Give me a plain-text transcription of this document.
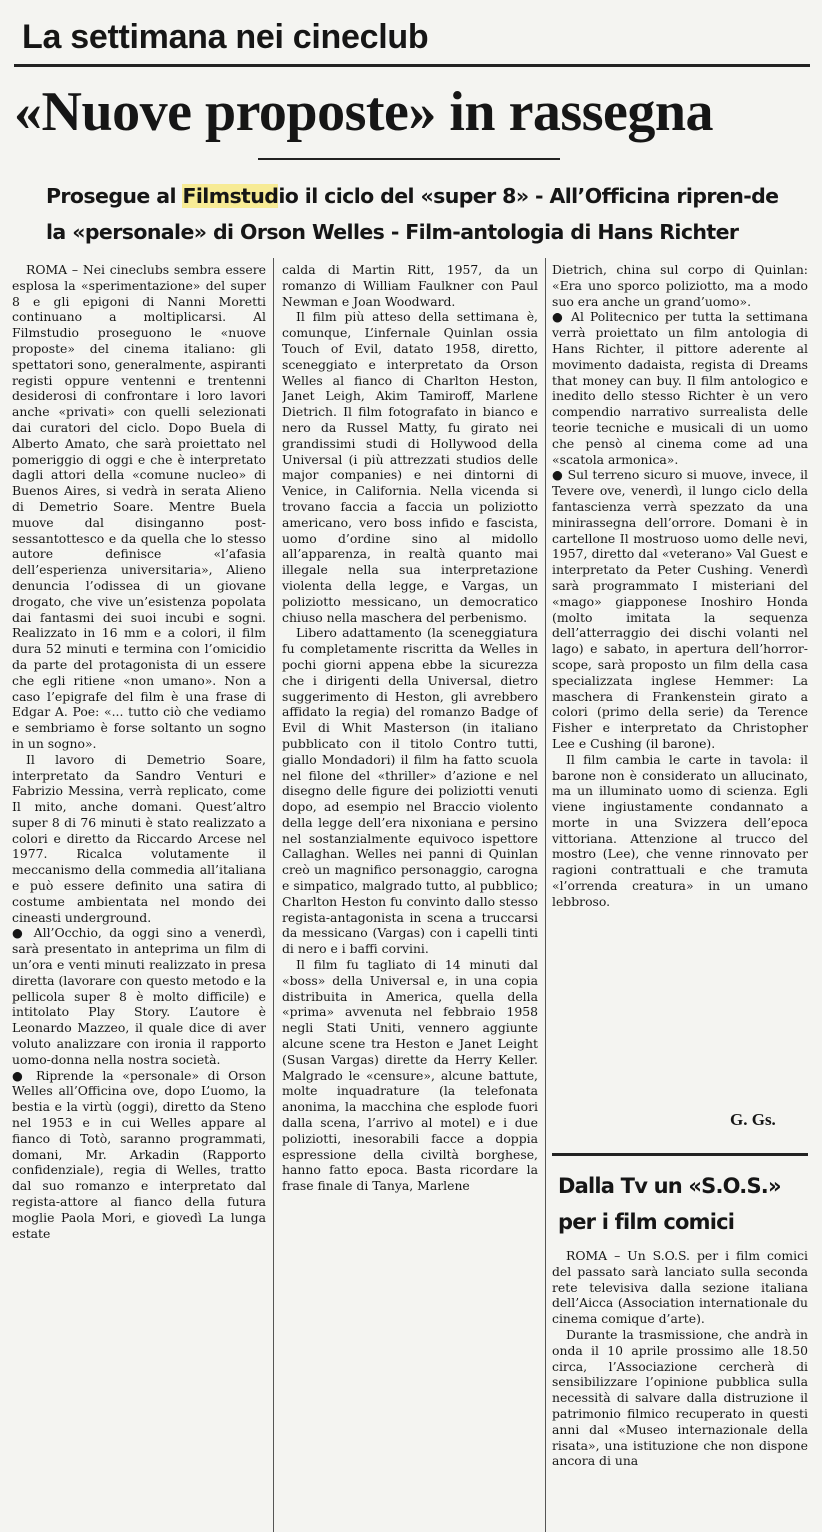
La settimana nei cineclub
«Nuove proposte» in rassegna
Prosegue al Filmstudio il ciclo del «super 8» - All’Officina ripren-de la «personale» di Orson Welles - Film-antologia di Hans Richter

ROMA – Nei cineclubs sembra essere esplosa la «sperimentazione» del super 8 e gli epigoni di Nanni Moretti continuano a moltiplicarsi. Al Filmstudio proseguono le «nuove proposte» del cinema italiano: gli spettatori sono, generalmente, aspiranti registi oppure ventenni e trentenni desiderosi di confrontare i loro lavori anche «privati» con quelli selezionati dai curatori del ciclo. Dopo Buela di Alberto Amato, che sarà proiettato nel pomeriggio di oggi e che è interpretato dagli attori della «comune nucleo» di Buenos Aires, si vedrà in serata Alieno di Demetrio Soare. Mentre Buela muove dal disinganno post-sessantottesco e da quella che lo stesso autore definisce «l’afasia dell’esperienza universitaria», Alieno denuncia l’odissea di un giovane drogato, che vive un’esistenza popolata dai fantasmi dei suoi incubi e sogni. Realizzato in 16 mm e a colori, il film dura 52 minuti e termina con l’omicidio da parte del protagonista di un essere che egli ritiene «non umano». Non a caso l’epigrafe del film è una frase di Edgar A. Poe: «... tutto ciò che vediamo e sembriamo è forse soltanto un sogno in un sogno».

Il lavoro di Demetrio Soare, interpretato da Sandro Venturi e Fabrizio Messina, verrà replicato, come Il mito, anche domani. Quest’altro super 8 di 76 minuti è stato realizzato a colori e diretto da Riccardo Arcese nel 1977. Ricalca volutamente il meccanismo della commedia all’italiana e può essere definito una satira di costume ambientata nel mondo dei cineasti underground.

● All’Occhio, da oggi sino a venerdì, sarà presentato in anteprima un film di un’ora e venti minuti realizzato in presa diretta (lavorare con questo metodo e la pellicola super 8 è molto difficile) e intitolato Play Story. L’autore è Leonardo Mazzeo, il quale dice di aver voluto analizzare con ironia il rapporto uomo-donna nella nostra società.

● Riprende la «personale» di Orson Welles all’Officina ove, dopo L’uomo, la bestia e la virtù (oggi), diretto da Steno nel 1953 e in cui Welles appare al fianco di Totò, saranno programmati, domani, Mr. Arkadin (Rapporto confidenziale), regia di Welles, tratto dal suo romanzo e interpretato dal regista-attore al fianco della futura moglie Paola Mori, e giovedì La lunga estate

calda di Martin Ritt, 1957, da un romanzo di William Faulkner con Paul Newman e Joan Woodward.

Il film più atteso della settimana è, comunque, L’infernale Quinlan ossia Touch of Evil, datato 1958, diretto, sceneggiato e interpretato da Orson Welles al fianco di Charlton Heston, Janet Leigh, Akim Tamiroff, Marlene Dietrich. Il film fotografato in bianco e nero da Russel Matty, fu girato nei grandissimi studi di Hollywood della Universal (i più attrezzati studios delle major companies) e nei dintorni di Venice, in California. Nella vicenda si trovano faccia a faccia un poliziotto americano, vero boss infido e fascista, uomo d’ordine sino al midollo all’apparenza, in realtà quanto mai illegale nella sua interpretazione violenta della legge, e Vargas, un poliziotto messicano, un democratico chiuso nella maschera del perbenismo.

Libero adattamento (la sceneggiatura fu completamente riscritta da Welles in pochi giorni appena ebbe la sicurezza che i dirigenti della Universal, dietro suggerimento di Heston, gli avrebbero affidato la regia) del romanzo Badge of Evil di Whit Masterson (in italiano pubblicato con il titolo Contro tutti, giallo Mondadori) il film ha fatto scuola nel filone del «thriller» d’azione e nel disegno delle figure dei poliziotti venuti dopo, ad esempio nel Braccio violento della legge dell’era nixoniana e persino nel sostanzialmente equivoco ispettore Callaghan. Welles nei panni di Quinlan creò un magnifico personaggio, carogna e simpatico, malgrado tutto, al pubblico; Charlton Heston fu convinto dallo stesso regista-antagonista in scena a truccarsi da messicano (Vargas) con i capelli tinti di nero e i baffi corvini.

Il film fu tagliato di 14 minuti dal «boss» della Universal e, in una copia distribuita in America, quella della «prima» avvenuta nel febbraio 1958 negli Stati Uniti, vennero aggiunte alcune scene tra Heston e Janet Leight (Susan Vargas) dirette da Herry Keller. Malgrado le «censure», alcune battute, molte inquadrature (la telefonata anonima, la macchina che esplode fuori dalla scena, l’arrivo al motel) e i due poliziotti, inesorabili facce a doppia espressione della civiltà borghese, hanno fatto epoca. Basta ricordare la frase finale di Tanya, Marlene

Dietrich, china sul corpo di Quinlan: «Era uno sporco poliziotto, ma a modo suo era anche un grand’uomo».

● Al Politecnico per tutta la settimana verrà proiettato un film antologia di Hans Richter, il pittore aderente al movimento dadaista, regista di Dreams that money can buy. Il film antologico e inedito dello stesso Richter è un vero compendio narrativo surrealista delle teorie tecniche e musicali di un uomo che pensò al cinema come ad una «scatola armonica».

● Sul terreno sicuro si muove, invece, il Tevere ove, venerdì, il lungo ciclo della fantascienza verrà spezzato da una minirassegna dell’orrore. Domani è in cartellone Il mostruoso uomo delle nevi, 1957, diretto dal «veterano» Val Guest e interpretato da Peter Cushing. Venerdì sarà programmato I misteriani del «mago» giapponese Inoshiro Honda (molto imitata la sequenza dell’atterraggio dei dischi volanti nel lago) e sabato, in apertura dell’horror-scope, sarà proposto un film della casa specializzata inglese Hemmer: La maschera di Frankenstein girato a colori (primo della serie) da Terence Fisher e interpretato da Christopher Lee e Cushing (il barone).

Il film cambia le carte in tavola: il barone non è considerato un allucinato, ma un illuminato uomo di scienza. Egli viene ingiustamente condannato a morte in una Svizzera dell’epoca vittoriana. Attenzione al trucco del mostro (Lee), che venne rinnovato per ragioni contrattuali e che tramuta «l’orrenda creatura» in un umano lebbroso.

G. Gs.
Dalla Tv un «S.O.S.» per i film comici

ROMA – Un S.O.S. per i film comici del passato sarà lanciato sulla seconda rete televisiva dalla sezione italiana dell’Aicca (Association internationale du cinema comique d’arte).

Durante la trasmissione, che andrà in onda il 10 aprile prossimo alle 18.50 circa, l’Associazione cercherà di sensibilizzare l’opinione pubblica sulla necessità di salvare dalla distruzione il patrimonio filmico recuperato in questi anni dal «Museo internazionale della risata», una istituzione che non dispone ancora di una
